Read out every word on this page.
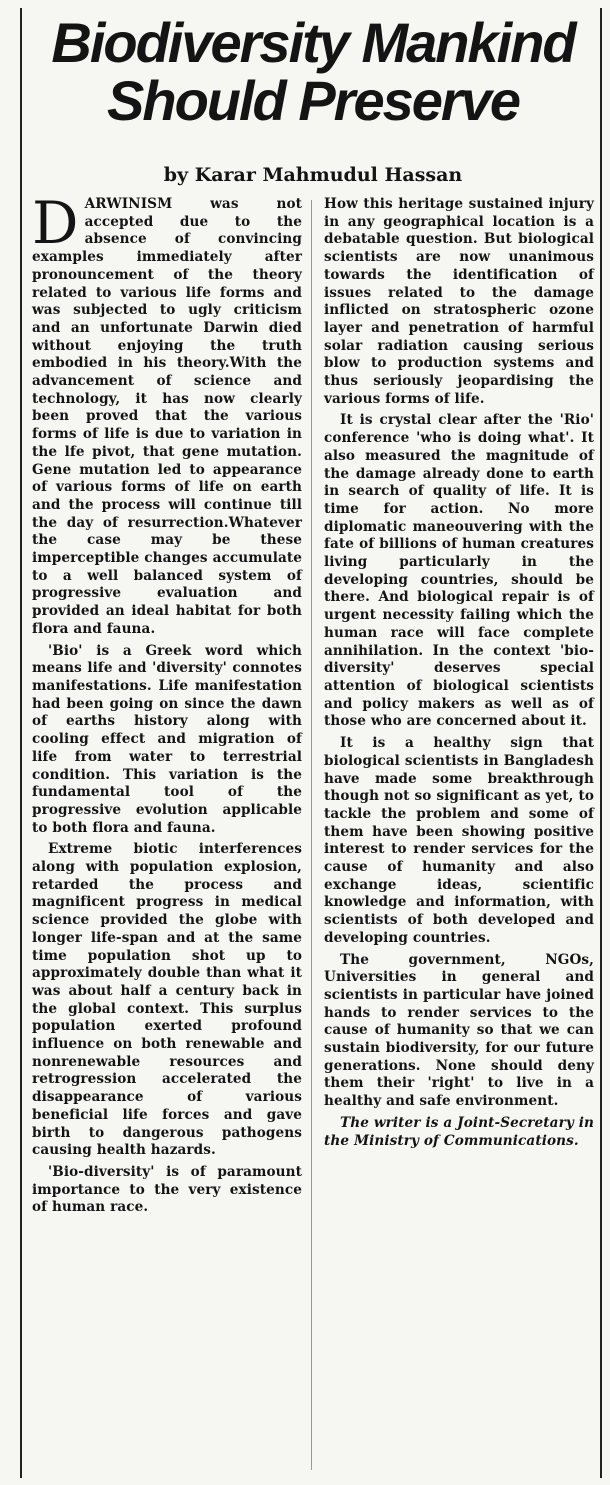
Biodiversity Mankind
Should Preserve

by Karar Mahmudul Hassan

DARWINISM was not accepted due to the absence of convincing examples immediately after pronouncement of the theory related to various life forms and was subjected to ugly criticism and an unfortunate Darwin died without enjoying the truth embodied in his theory.With the advancement of science and technology, it has now clearly been proved that the various forms of life is due to variation in the lfe pivot, that gene mutation. Gene mutation led to appearance of various forms of life on earth and the process will continue till the day of resurrection.Whatever the case may be these imperceptible changes accumulate to a well balanced system of progressive evaluation and provided an ideal habitat for both flora and fauna.

'Bio' is a Greek word which means life and 'diversity' connotes manifestations. Life manifestation had been going on since the dawn of earths history along with cooling effect and migration of life from water to terrestrial condition. This variation is the fundamental tool of the progressive evolution applicable to both flora and fauna.

Extreme biotic interferences along with population explosion, retarded the process and magnificent progress in medical science provided the globe with longer life-span and at the same time population shot up to approximately double than what it was about half a century back in the global context. This surplus population exerted profound influence on both renewable and nonrenewable resources and retrogression accelerated the disappearance of various beneficial life forces and gave birth to dangerous pathogens causing health hazards.

'Bio-diversity' is of paramount importance to the very existence of human race.

How this heritage sustained injury in any geographical location is a debatable question. But biological scientists are now unanimous towards the identification of issues related to the damage inflicted on stratospheric ozone layer and penetration of harmful solar radiation causing serious blow to production systems and thus seriously jeopardising the various forms of life.

It is crystal clear after the 'Rio' conference 'who is doing what'. It also measured the magnitude of the damage already done to earth in search of quality of life. It is time for action. No more diplomatic maneouvering with the fate of billions of human creatures living particularly in the developing countries, should be there. And biological repair is of urgent necessity failing which the human race will face complete annihilation. In the context 'bio-diversity' deserves special attention of biological scientists and policy makers as well as of those who are concerned about it.

It is a healthy sign that biological scientists in Bangladesh have made some breakthrough though not so significant as yet, to tackle the problem and some of them have been showing positive interest to render services for the cause of humanity and also exchange ideas, scientific knowledge and information, with scientists of both developed and developing countries.

The government, NGOs, Universities in general and scientists in particular have joined hands to render services to the cause of humanity so that we can sustain biodiversity, for our future generations. None should deny them their 'right' to live in a healthy and safe environment.

The writer is a Joint-Secretary in the Ministry of Communications.
